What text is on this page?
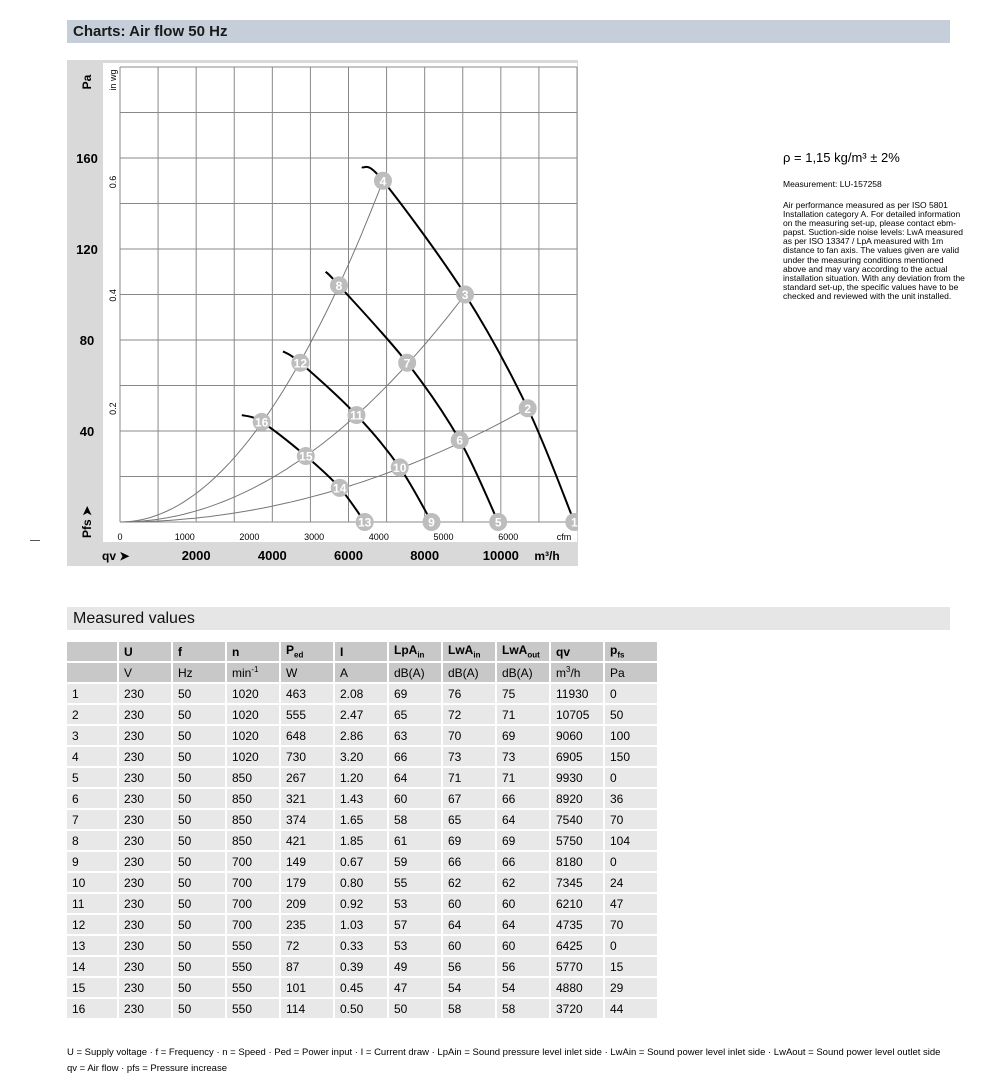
Charts: Air flow 50 Hz
40
80
120
160
Pa
Pfs ➤
in wg
0.2
0.4
0.6
qv ➤	2000	4000	6000	8000	10000 m³/h
1
2
3
4
5
6
7
8
9
10
11
12
13
14
15
16
0	1000	2000	3000	4000	5000	6000	cfm
ρ = 1,15 kg/m³ ± 2%
Measurement: LU-157258
Air performance measured as per ISO 5801 Installation category A. For detailed information on the measuring set-up, please contact ebm-papst. Suction-side noise levels: LwA measured as per ISO 13347 / LpA measured with 1m distance to fan axis. The values given are valid under the measuring conditions mentioned above and may vary according to the actual installation situation. With any deviation from the standard set-up, the specific values have to be checked and reviewed with the unit installed.
Measured values
	U	f	n	$P_{ed}$	I	LpA$_{in}$	LwA$_{in}$	LwA$_{out}$	qv	$p_{fs}$
	V	Hz	$\min^{-1}$	W	A	dB(A)	dB(A)	dB(A)	$m^3/h$	Pa
1	230	50	1020	463	2.08	69	76	75	11930	0
2	230	50	1020	555	2.47	65	72	71	10705	50
3	230	50	1020	648	2.86	63	70	69	9060	100
4	230	50	1020	730	3.20	66	73	73	6905	150
5	230	50	850	267	1.20	64	71	71	9930	0
6	230	50	850	321	1.43	60	67	66	8920	36
7	230	50	850	374	1.65	58	65	64	7540	70
8	230	50	850	421	1.85	61	69	69	5750	104
9	230	50	700	149	0.67	59	66	66	8180	0
10	230	50	700	179	0.80	55	62	62	7345	24
11	230	50	700	209	0.92	53	60	60	6210	47
12	230	50	700	235	1.03	57	64	64	4735	70
13	230	50	550	72	0.33	53	60	60	6425	0
14	230	50	550	87	0.39	49	56	56	5770	15
15	230	50	550	101	0.45	47	54	54	4880	29
16	230	50	550	114	0.50	50	58	58	3720	44
U = Supply voltage · f = Frequency · n = Speed · Ped = Power input · I = Current draw · LpAin = Sound pressure level inlet side · LwAin = Sound power level inlet side · LwAout = Sound power level outlet side
qv = Air flow · pfs = Pressure increase
